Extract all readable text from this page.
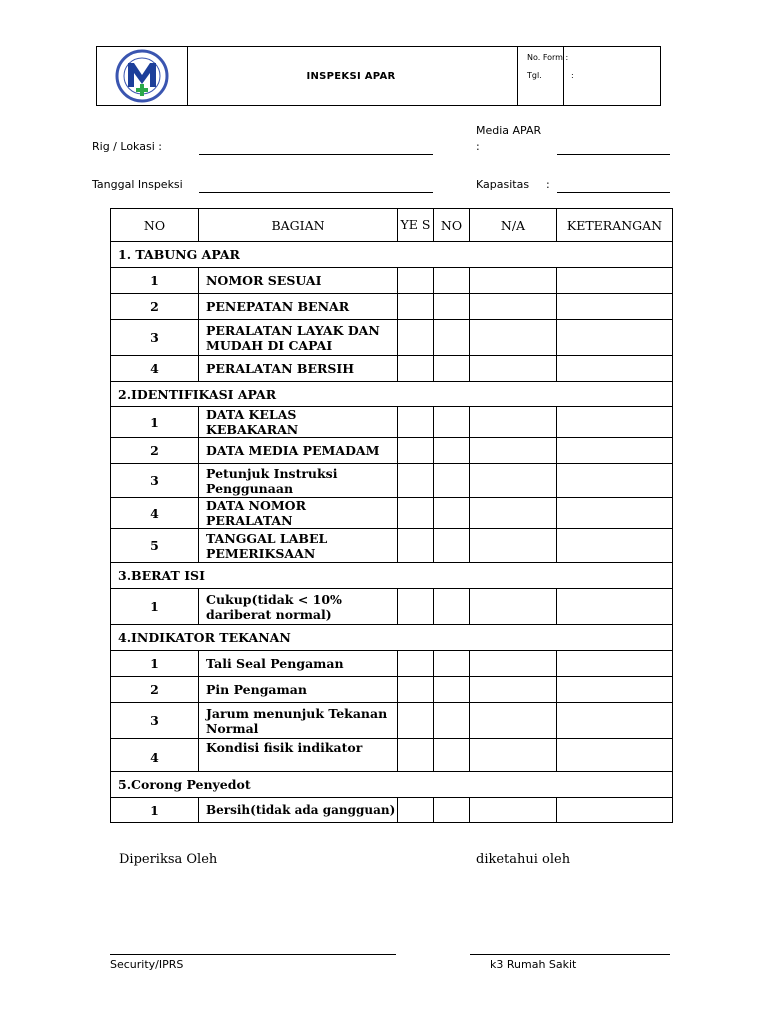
INSPEKSI APAR
No. Form :
Tgl.	:
Rig / Lokasi :
Media APAR
:
Tanggal Inspeksi	Kapasitas :
NO	BAGIAN	YE S	NO	N/A	KETERANGAN
1. TABUNG APAR					
1	NOMOR SESUAI				
2	PENEPATAN BENAR				
3	PERALATAN LAYAK DAN MUDAH DI CAPAI				
4	PERALATAN BERSIH				
2.IDENTIFIKASI APAR					
1	DATA KELAS KEBAKARAN				
2	DATA MEDIA PEMADAM				
3	Petunjuk Instruksi Penggunaan				
4	DATA NOMOR PERALATAN				
5	TANGGAL LABEL PEMERIKSAAN				
3.BERAT ISI					
1	Cukup(tidak < 10% dariberat normal)				
4.INDIKATOR TEKANAN					
1	Tali Seal Pengaman				
2	Pin Pengaman				
3	Jarum menunjuk Tekanan Normal				
4	Kondisi fisik indikator				
5.Corong Penyedot					
1	Bersih(tidak ada gangguan)				
Diperiksa Oleh	diketahui oleh
Security/IPRS	k3 Rumah Sakit
